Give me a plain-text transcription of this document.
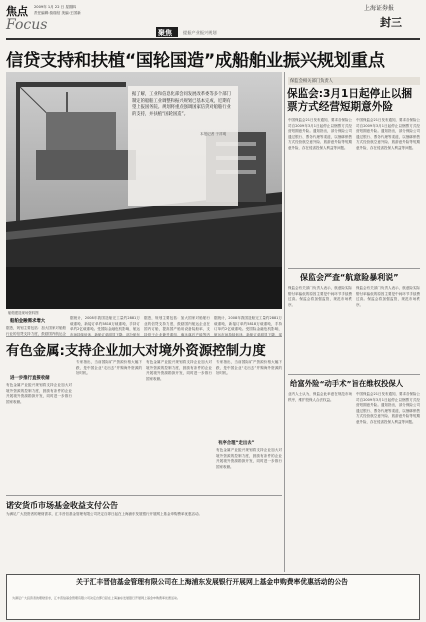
焦点
Focus
2009年 1月 22 日 星期四
责任编辑:詹瑞信 美编:王国新
聚焦	提振产业振兴规划
上海证券报
封三
信贷支持和扶植“国轮国造”成船舶业振兴规划重点
据了解，工业和信息化部会同发展改革委等多个部门制定的船舶工业调整和振兴规划已基本完成，近期有望上报国务院。规划将重点强调国家信贷对船舶行业的支持，并扶植“国轮国造”。
本报记者 于祥明
船舶建造现场资料图
船舶金融需求增大
据悉，规划主要包括：加大国家对船舶行业的信贷支持力度，鼓励国内航运企
据统计，2008年我国造船完工量约2881万载重吨，新接订单约5818万载重吨，手持订单约2亿载重吨。受国际金融危机影响，航运市场持续低迷，新船订单明显下降，部分船东
据悉，规划主要包括：加大国家对船舶行业的信贷支持力度，鼓励国内航运企业在国内订船，提高国产船用设备装船率，支持骨干企业兼并重组，淘汰落后产能等内
据统计，2008年我国造船完工量约2881万载重吨，新接订单约5818万载重吨，手持订单约2亿载重吨。受国际金融危机影响，航运市场持续低迷，新船订单明显下降，部
有色金属:支持企业加大对境外资源控制力度
进一步推行直接收储
有色金属产业振兴规划将支持企业加大对境外资源的控制力度，鼓励有条件的企业开展境外资源勘探开发，同时进一步推行国家收储。
专家指出，当前国际矿产资源价格大幅下跌，是中国企业“走出去”并购海外资源的好时机。
有色金属产业振兴规划将支持企业加大对境外资源的控制力度，鼓励有条件的企业开展境外资源勘探开发，同时进一步推行国家收储。
有序合理“走出去”
专家指出，当前国际矿产资源价格大幅下跌，是中国企业“走出去”并购海外资源的好时机。
有色金属产业振兴规划将支持企业加大对境外资源的控制力度，鼓励有条件的企业开展境外资源勘探开发，同时进一步推行国家收储。
诺安货币市场基金收益支付公告
为满足广大投资者的理财需求，汇丰晋信基金管理有限公司决定自即日起在上海浦东发展银行开展网上基金申购费率优惠活动。
保监会相关部门负责人
保监会:3月1日起停止以捆票方式经营短期意外险
中国保监会21日发布通知，要求各保险公司自2009年3月1日起停止以捆票方式经营短期意外险。通知指出，部分保险公司通过银行、票务代理等渠道，以捆绑销售方式经营航空意外险、旅游意外险等短期意外险，存在侵害投保人利益等问题。
中国保监会21日发布通知，要求各保险公司自2009年3月1日起停止以捆票方式经营短期意外险。通知指出，部分保险公司通过银行、票务代理等渠道，以捆绑销售方式经营航空意外险、旅游意外险等短期意外险，存在侵害投保人利益等问题。
保监会严查“航意险暴利说”
保监会有关部门负责人表示，航意险实际赔付率偏低的原因主要是中间环节手续费过高。保监会将加强监管，规范市场秩序。
保监会有关部门负责人表示，航意险实际赔付率偏低的原因主要是中间环节手续费过高。保监会将加强监管，规范市场秩序。
给富外险“动手术”旨在维权投保人
业内人士认为，保监会此举意在规范市场秩序，维护投保人合法权益。
中国保监会21日发布通知，要求各保险公司自2009年3月1日起停止以捆票方式经营短期意外险。通知指出，部分保险公司通过银行、票务代理等渠道，以捆绑销售方式经营航空意外险、旅游意外险等短期意外险，存在侵害投保人利益等问题。
关于汇丰晋信基金管理有限公司在上海浦东发展银行开展网上基金申购费率优惠活动的公告
为满足广大投资者的理财需求，汇丰晋信基金管理有限公司决定自即日起在上海浦东发展银行开展网上基金申购费率优惠活动。
